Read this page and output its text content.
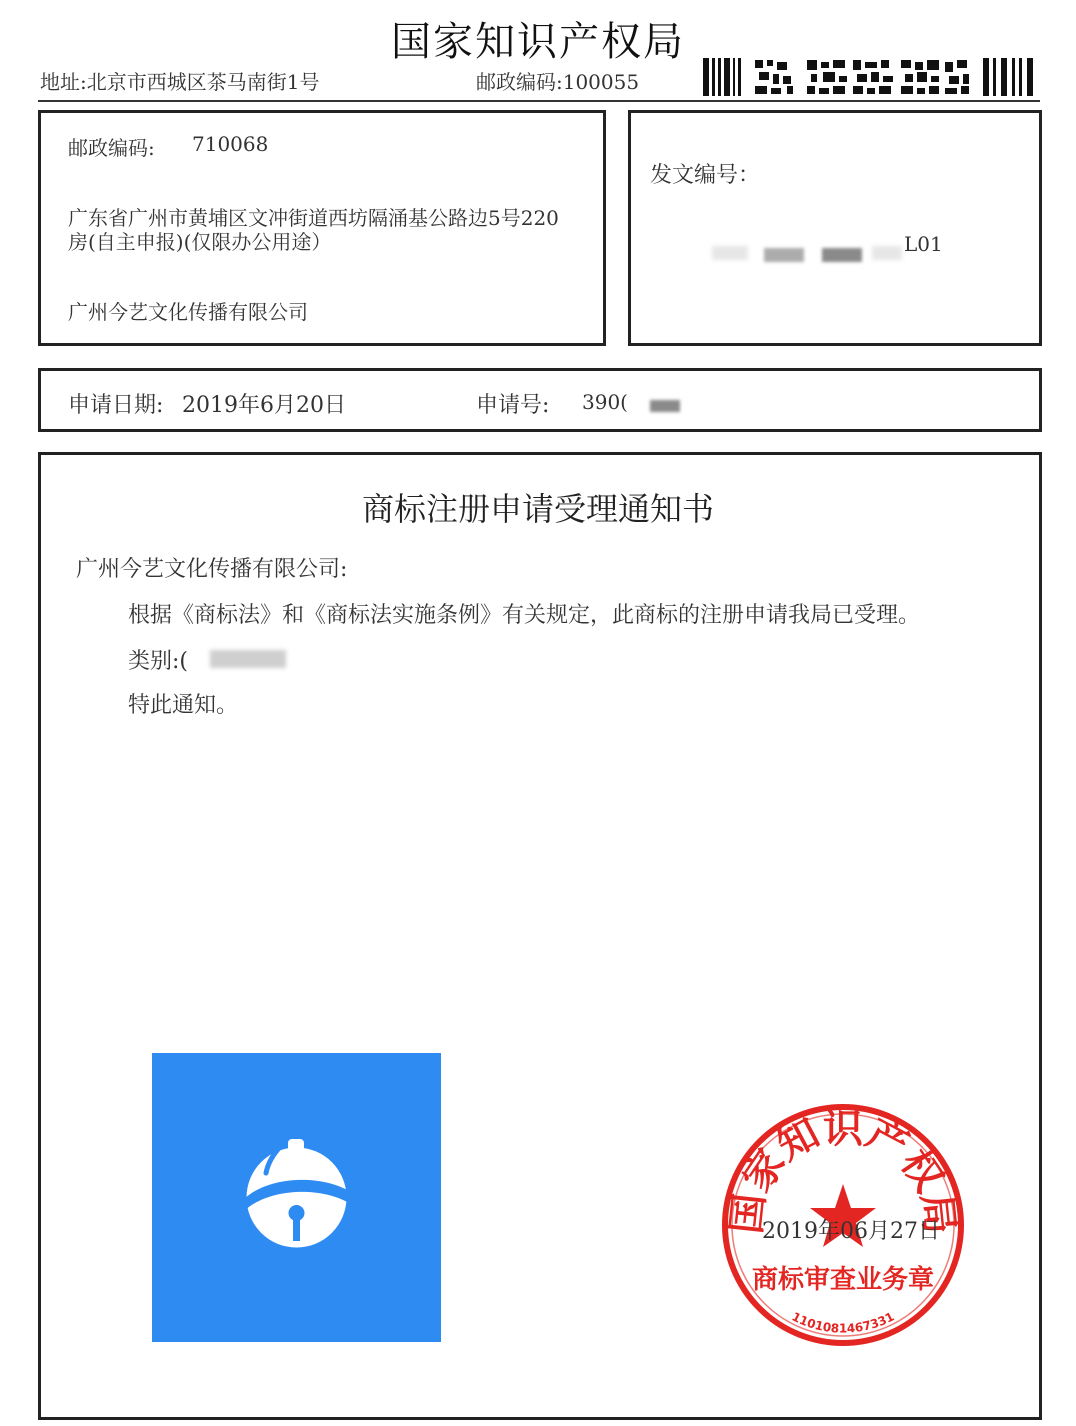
国家知识产权局
地址:北京市西城区茶马南街1号	邮政编码:100055
邮政编码: 710068
广东省广州市黄埔区文冲街道西坊隔涌基公路边5号220
房(自主申报)(仅限办公用途）
广州今艺文化传播有限公司
发文编号：
L01
申请日期: 2019年6月20日	申请号: 390(
商标注册申请受理通知书
广州今艺文化传播有限公司:
根据《商标法》和《商标法实施条例》有关规定，此商标的注册申请我局已受理。
类别:(
特此通知。
国家知识产权局
商标审查业务章
1101081467331
2019年06月27日
